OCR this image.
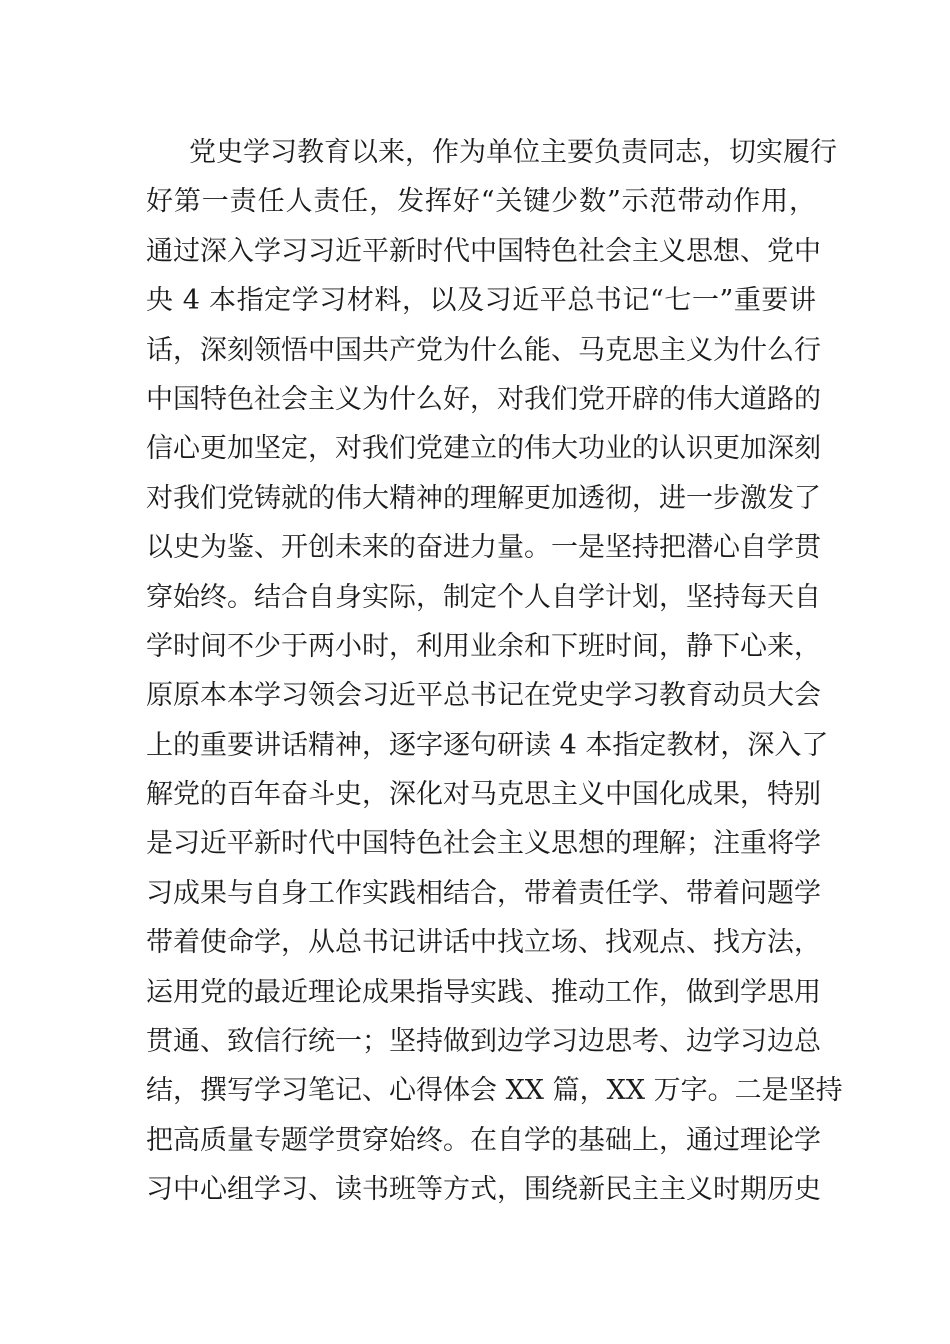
党史学习教育以来，作为单位主要负责同志，切实履行
好第一责任人责任，发挥好“关键少数”示范带动作用，
通过深入学习习近平新时代中国特色社会主义思想、党中
央 4 本指定学习材料，以及习近平总书记“七一”重要讲
话，深刻领悟中国共产党为什么能、马克思主义为什么行
中国特色社会主义为什么好，对我们党开辟的伟大道路的
信心更加坚定，对我们党建立的伟大功业的认识更加深刻
对我们党铸就的伟大精神的理解更加透彻，进一步激发了
以史为鉴、开创未来的奋进力量。一是坚持把潜心自学贯
穿始终。结合自身实际，制定个人自学计划，坚持每天自
学时间不少于两小时，利用业余和下班时间，静下心来，
原原本本学习领会习近平总书记在党史学习教育动员大会
上的重要讲话精神，逐字逐句研读 4 本指定教材，深入了
解党的百年奋斗史，深化对马克思主义中国化成果，特别
是习近平新时代中国特色社会主义思想的理解；注重将学
习成果与自身工作实践相结合，带着责任学、带着问题学
带着使命学，从总书记讲话中找立场、找观点、找方法，
运用党的最近理论成果指导实践、推动工作，做到学思用
贯通、致信行统一；坚持做到边学习边思考、边学习边总
结，撰写学习笔记、心得体会 XX 篇，XX 万字。二是坚持
把高质量专题学贯穿始终。在自学的基础上，通过理论学
习中心组学习、读书班等方式，围绕新民主主义时期历史
